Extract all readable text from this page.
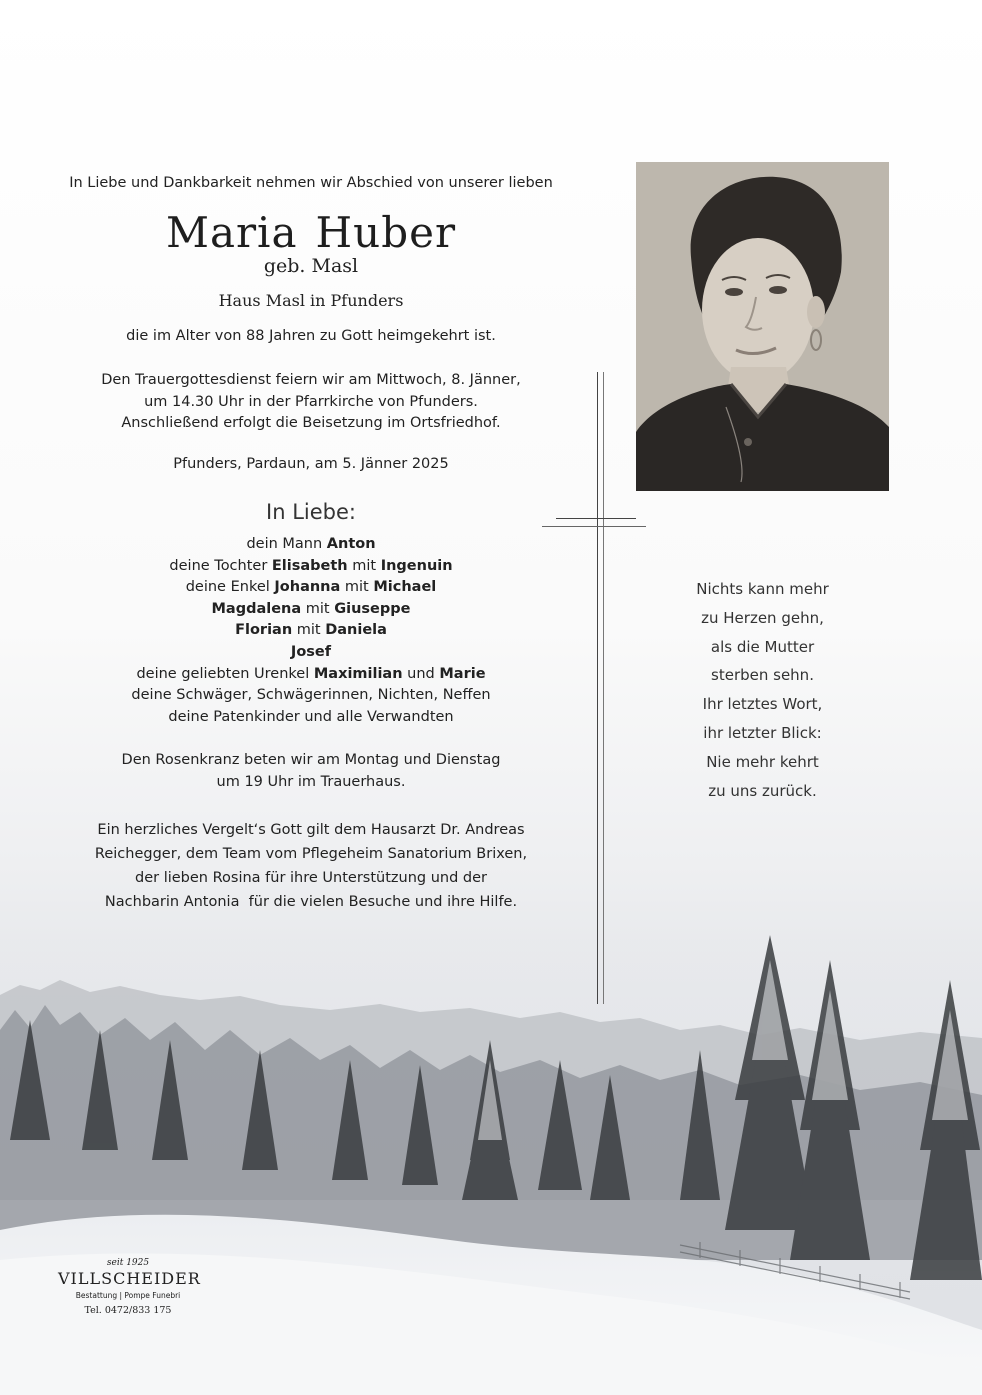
In Liebe und Dankbarkeit nehmen wir Abschied von unserer lieben
Maria Huber
geb. Masl
Haus Masl in Pfunders
die im Alter von 88 Jahren zu Gott heimgekehrt ist.
Den Trauergottesdienst feiern wir am Mittwoch, 8. Jänner,
um 14.30 Uhr in der Pfarrkirche von Pfunders.
Anschließend erfolgt die Beisetzung im Ortsfriedhof.
Pfunders, Pardaun, am 5. Jänner 2025
In Liebe:
dein Mann Anton
deine Tochter Elisabeth mit Ingenuin
deine Enkel Johanna mit Michael
Magdalena mit Giuseppe
Florian mit Daniela
Josef
deine geliebten Urenkel Maximilian und Marie
deine Schwäger, Schwägerinnen, Nichten, Neffen
deine Patenkinder und alle Verwandten
Den Rosenkranz beten wir am Montag und Dienstag
um 19 Uhr im Trauerhaus.
Ein herzliches Vergelt‘s Gott gilt dem Hausarzt Dr. Andreas
Reichegger, dem Team vom Pflegeheim Sanatorium Brixen,
der lieben Rosina für ihre Unterstützung und der
Nachbarin Antonia  für die vielen Besuche und ihre Hilfe.
Nichts kann mehr
zu Herzen gehn,
als die Mutter
sterben sehn.
Ihr letztes Wort,
ihr letzter Blick:
Nie mehr kehrt
zu uns zurück.
seit 1925
VILLSCHEIDER
Bestattung | Pompe Funebri
Tel. 0472/833 175
